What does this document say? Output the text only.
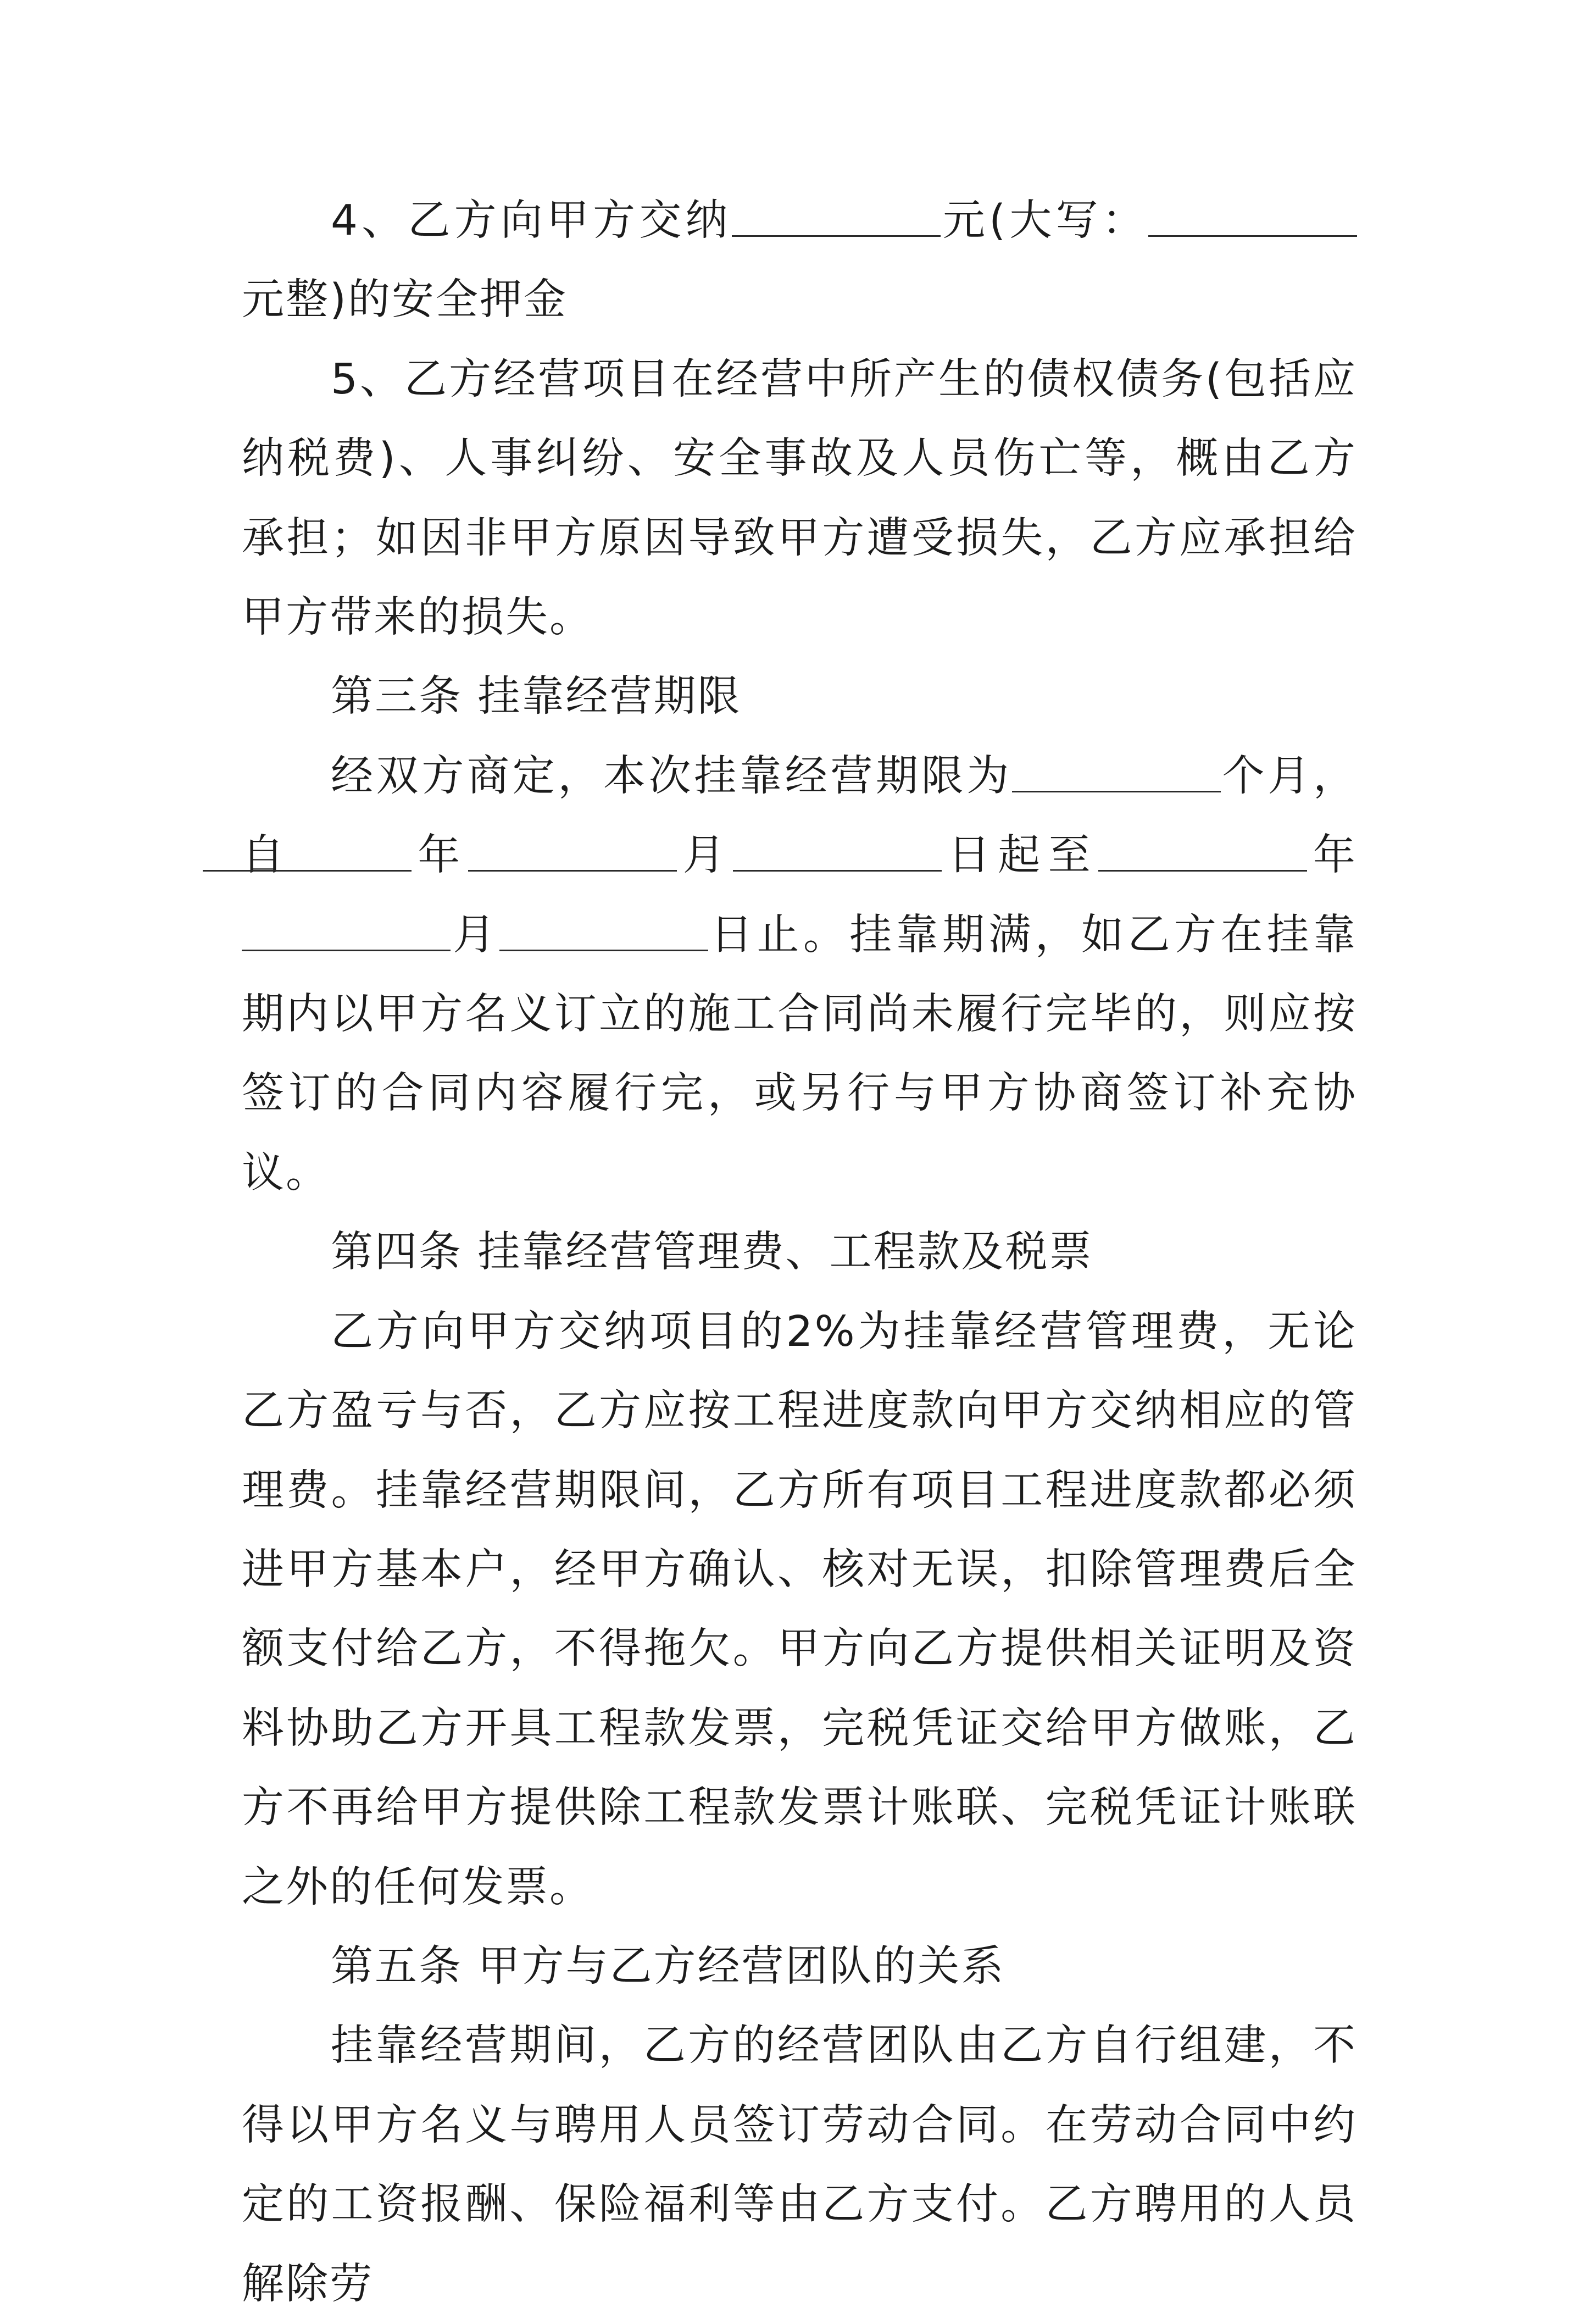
4、乙方向甲方交纳	元(大写：元整)的安全押金

5、乙方经营项目在经营中所产生的债权债务(包括应纳税费)、人事纠纷、安全事故及人员伤亡等，概由乙方承担；如因非甲方原因导致甲方遭受损失，乙方应承担给甲方带来的损失。

第三条 挂靠经营期限

经双方商定，本次挂靠经营期限为	个月，自	年	月	日起至	年月	日止。挂靠期满，如乙方在挂靠期内以甲方名义订立的施工合同尚未履行完毕的，则应按签订的合同内容履行完，或另行与甲方协商签订补充协议。

第四条 挂靠经营管理费、工程款及税票

乙方向甲方交纳项目的2%为挂靠经营管理费，无论乙方盈亏与否，乙方应按工程进度款向甲方交纳相应的管理费。挂靠经营期限间，乙方所有项目工程进度款都必须进甲方基本户，经甲方确认、核对无误，扣除管理费后全额支付给乙方，不得拖欠。甲方向乙方提供相关证明及资料协助乙方开具工程款发票，完税凭证交给甲方做账，乙方不再给甲方提供除工程款发票计账联、完税凭证计账联之外的任何发票。

第五条 甲方与乙方经营团队的关系

挂靠经营期间，乙方的经营团队由乙方自行组建，不得以甲方名义与聘用人员签订劳动合同。在劳动合同中约定的工资报酬、保险福利等由乙方支付。乙方聘用的人员解除劳
